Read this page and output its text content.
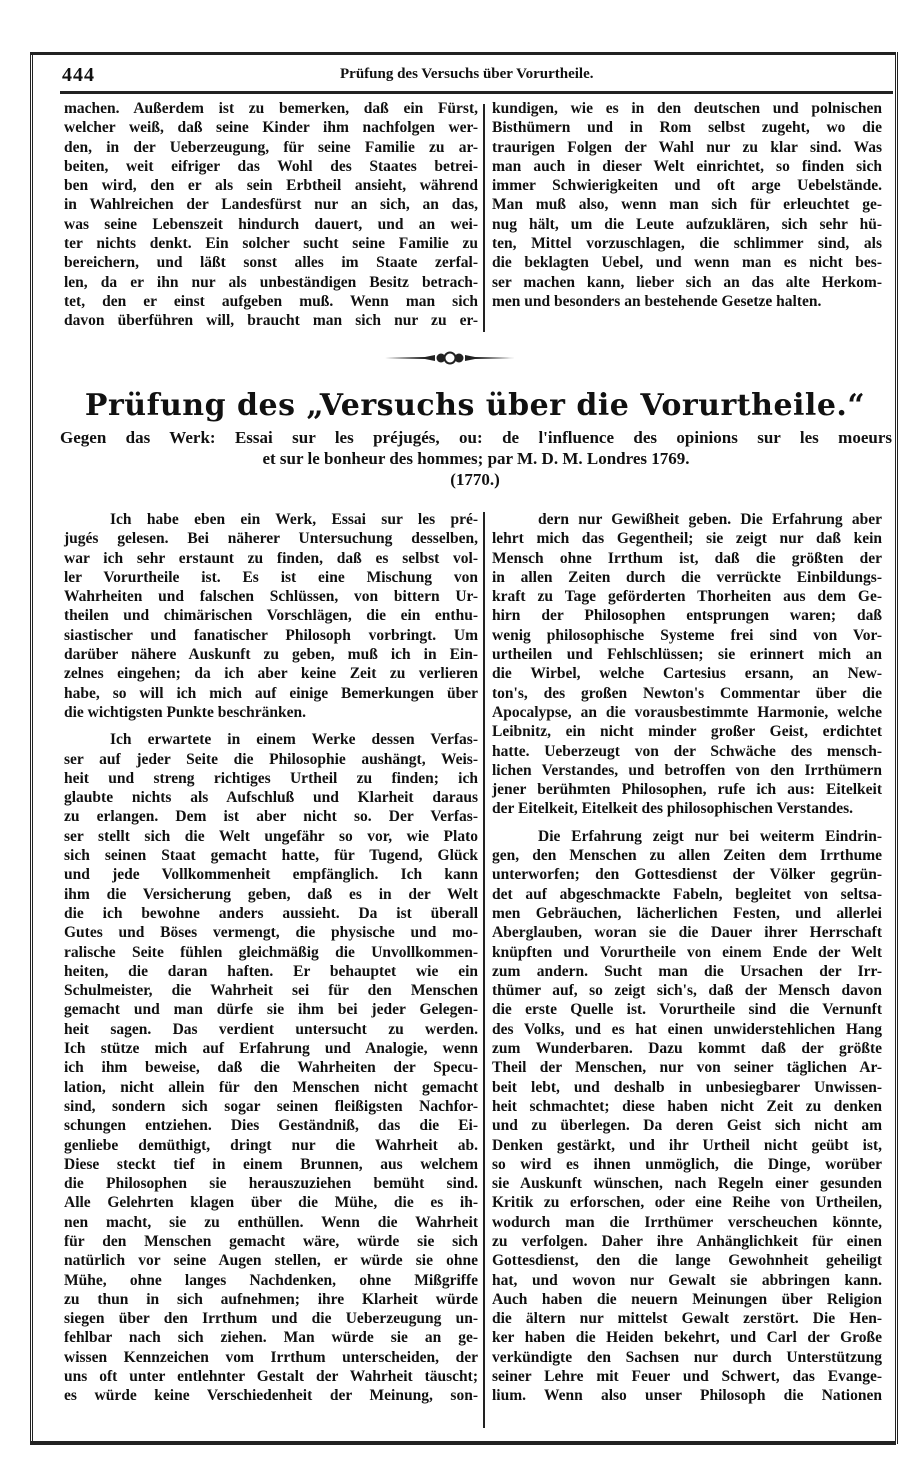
444	Prüfung des Versuchs über Vorurtheile.
machen. Außerdem ist zu bemerken, daß ein Fürst,
welcher weiß, daß seine Kinder ihm nachfolgen wer-
den, in der Ueberzeugung, für seine Familie zu ar-
beiten, weit eifriger das Wohl des Staates betrei-
ben wird, den er als sein Erbtheil ansieht, während
in Wahlreichen der Landesfürst nur an sich, an das,
was seine Lebenszeit hindurch dauert, und an wei-
ter nichts denkt. Ein solcher sucht seine Familie zu
bereichern, und läßt sonst alles im Staate zerfal-
len, da er ihn nur als unbeständigen Besitz betrach-
tet, den er einst aufgeben muß. Wenn man sich
davon überführen will, braucht man sich nur zu er-
kundigen, wie es in den deutschen und polnischen
Bisthümern und in Rom selbst zugeht, wo die
traurigen Folgen der Wahl nur zu klar sind. Was
man auch in dieser Welt einrichtet, so finden sich
immer Schwierigkeiten und oft arge Uebelstände.
Man muß also, wenn man sich für erleuchtet ge-
nug hält, um die Leute aufzuklären, sich sehr hü-
ten, Mittel vorzuschlagen, die schlimmer sind, als
die beklagten Uebel, und wenn man es nicht bes-
ser machen kann, lieber sich an das alte Herkom-
men und besonders an bestehende Gesetze halten.
Prüfung des „Versuchs über die Vorurtheile.“
Gegen das Werk: Essai sur les préjugés, ou: de l'influence des opinions sur les moeurs
et sur le bonheur des hommes; par M. D. M. Londres 1769.
(1770.)
Ich habe eben ein Werk, Essai sur les pré-
jugés gelesen. Bei näherer Untersuchung desselben,
war ich sehr erstaunt zu finden, daß es selbst vol-
ler Vorurtheile ist. Es ist eine Mischung von
Wahrheiten und falschen Schlüssen, von bittern Ur-
theilen und chimärischen Vorschlägen, die ein enthu-
siastischer und fanatischer Philosoph vorbringt. Um
darüber nähere Auskunft zu geben, muß ich in Ein-
zelnes eingehen; da ich aber keine Zeit zu verlieren
habe, so will ich mich auf einige Bemerkungen über
die wichtigsten Punkte beschränken.
Ich erwartete in einem Werke dessen Verfas-
ser auf jeder Seite die Philosophie aushängt, Weis-
heit und streng richtiges Urtheil zu finden; ich
glaubte nichts als Aufschluß und Klarheit daraus
zu erlangen. Dem ist aber nicht so. Der Verfas-
ser stellt sich die Welt ungefähr so vor, wie Plato
sich seinen Staat gemacht hatte, für Tugend, Glück
und jede Vollkommenheit empfänglich. Ich kann
ihm die Versicherung geben, daß es in der Welt
die ich bewohne anders aussieht. Da ist überall
Gutes und Böses vermengt, die physische und mo-
ralische Seite fühlen gleichmäßig die Unvollkommen-
heiten, die daran haften. Er behauptet wie ein
Schulmeister, die Wahrheit sei für den Menschen
gemacht und man dürfe sie ihm bei jeder Gelegen-
heit sagen. Das verdient untersucht zu werden.
Ich stütze mich auf Erfahrung und Analogie, wenn
ich ihm beweise, daß die Wahrheiten der Specu-
lation, nicht allein für den Menschen nicht gemacht
sind, sondern sich sogar seinen fleißigsten Nachfor-
schungen entziehen. Dies Geständniß, das die Ei-
genliebe demüthigt, dringt nur die Wahrheit ab.
Diese steckt tief in einem Brunnen, aus welchem
die Philosophen sie herauszuziehen bemüht sind.
Alle Gelehrten klagen über die Mühe, die es ih-
nen macht, sie zu enthüllen. Wenn die Wahrheit
für den Menschen gemacht wäre, würde sie sich
natürlich vor seine Augen stellen, er würde sie ohne
Mühe, ohne langes Nachdenken, ohne Mißgriffe
zu thun in sich aufnehmen; ihre Klarheit würde
siegen über den Irrthum und die Ueberzeugung un-
fehlbar nach sich ziehen. Man würde sie an ge-
wissen Kennzeichen vom Irrthum unterscheiden, der
uns oft unter entlehnter Gestalt der Wahrheit täuscht;
es würde keine Verschiedenheit der Meinung, son-
dern nur Gewißheit geben. Die Erfahrung aber
lehrt mich das Gegentheil; sie zeigt nur daß kein
Mensch ohne Irrthum ist, daß die größten der
in allen Zeiten durch die verrückte Einbildungs-
kraft zu Tage geförderten Thorheiten aus dem Ge-
hirn der Philosophen entsprungen waren; daß
wenig philosophische Systeme frei sind von Vor-
urtheilen und Fehlschlüssen; sie erinnert mich an
die Wirbel, welche Cartesius ersann, an New-
ton's, des großen Newton's Commentar über die
Apocalypse, an die vorausbestimmte Harmonie, welche
Leibnitz, ein nicht minder großer Geist, erdichtet
hatte. Ueberzeugt von der Schwäche des mensch-
lichen Verstandes, und betroffen von den Irrthümern
jener berühmten Philosophen, rufe ich aus: Eitelkeit
der Eitelkeit, Eitelkeit des philosophischen Verstandes.
Die Erfahrung zeigt nur bei weiterm Eindrin-
gen, den Menschen zu allen Zeiten dem Irrthume
unterworfen; den Gottesdienst der Völker gegrün-
det auf abgeschmackte Fabeln, begleitet von seltsa-
men Gebräuchen, lächerlichen Festen, und allerlei
Aberglauben, woran sie die Dauer ihrer Herrschaft
knüpften und Vorurtheile von einem Ende der Welt
zum andern. Sucht man die Ursachen der Irr-
thümer auf, so zeigt sich's, daß der Mensch davon
die erste Quelle ist. Vorurtheile sind die Vernunft
des Volks, und es hat einen unwiderstehlichen Hang
zum Wunderbaren. Dazu kommt daß der größte
Theil der Menschen, nur von seiner täglichen Ar-
beit lebt, und deshalb in unbesiegbarer Unwissen-
heit schmachtet; diese haben nicht Zeit zu denken
und zu überlegen. Da deren Geist sich nicht am
Denken gestärkt, und ihr Urtheil nicht geübt ist,
so wird es ihnen unmöglich, die Dinge, worüber
sie Auskunft wünschen, nach Regeln einer gesunden
Kritik zu erforschen, oder eine Reihe von Urtheilen,
wodurch man die Irrthümer verscheuchen könnte,
zu verfolgen. Daher ihre Anhänglichkeit für einen
Gottesdienst, den die lange Gewohnheit geheiligt
hat, und wovon nur Gewalt sie abbringen kann.
Auch haben die neuern Meinungen über Religion
die ältern nur mittelst Gewalt zerstört. Die Hen-
ker haben die Heiden bekehrt, und Carl der Große
verkündigte den Sachsen nur durch Unterstützung
seiner Lehre mit Feuer und Schwert, das Evange-
lium. Wenn also unser Philosoph die Nationen
